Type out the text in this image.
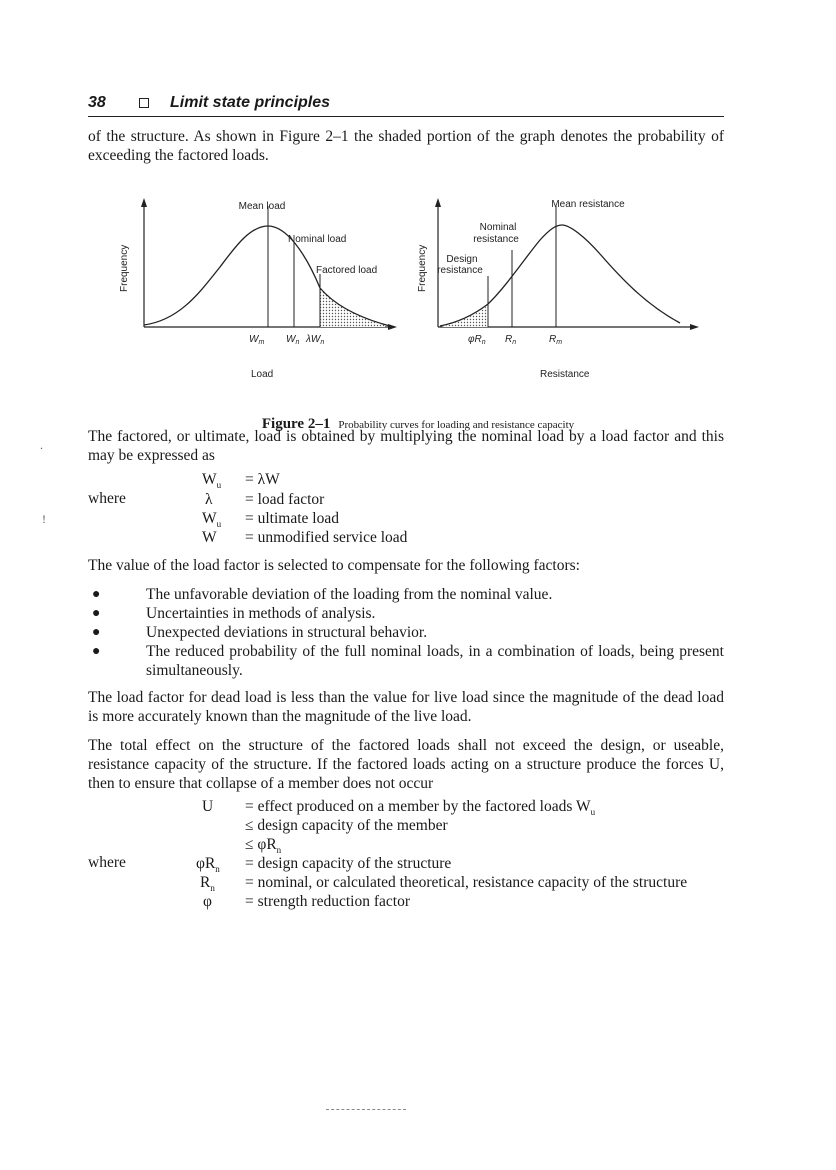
38	Limit state principles

of the structure. As shown in Figure 2–1 the shaded portion of the graph denotes the probability of exceeding the factored loads.

Mean load
Nominal load
Factored load
Frequency
$W_m$ $W_n$ $\lambda W_n$
Load
Mean resistance
Nominal
resistance
Design
resistance
Frequency
$\varphi R_n$ $R_n$	$R_m$
Resistance
Figure 2–1 Probability curves for loading and resistance capacity

The factored, or ultimate, load is obtained by multiplying the nominal load by a load factor and this may be expressed as

$W_u = \lambda W$
where	λ = load factor
$W_u$ = ultimate load
W = unmodified service load

The value of the load factor is selected to compensate for the following factors:

●	The unfavorable deviation of the loading from the nominal value.

●	Uncertainties in methods of analysis.

●	Unexpected deviations in structural behavior.

●	The reduced probability of the full nominal loads, in a combination of loads, being present simultaneously.

The load factor for dead load is less than the value for live load since the magnitude of the dead load is more accurately known than the magnitude of the live load.

The total effect on the structure of the factored loads shall not exceed the design, or useable, resistance capacity of the structure. If the factored loads acting on a structure produce the forces U, then to ensure that collapse of a member does not occur

U = effect produced on a member by the factored loads $W_u$
≤ design capacity of the member
≤ $\varphi R_n$
where	$\varphi R_n$ = design capacity of the structure
$R_n$ = nominal, or calculated theoretical, resistance capacity of the structure
φ = strength reduction factor
.
!
